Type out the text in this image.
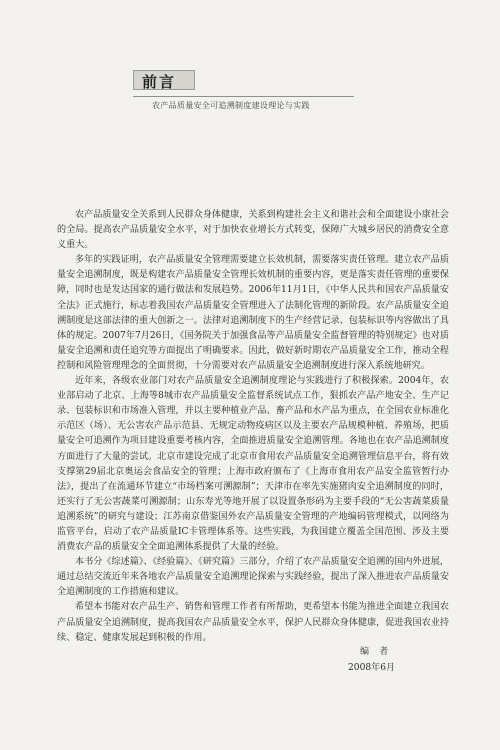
前言
农产品质量安全可追溯制度建设理论与实践

农产品质量安全关系到人民群众身体健康，关系到构建社会主义和谐社会和全面建设小康社会的全局。提高农产品质量安全水平，对于加快农业增长方式转变，保障广大城乡居民的消费安全意义重大。

多年的实践证明，农产品质量安全管理需要建立长效机制，需要落实责任管理。建立农产品质量安全追溯制度，既是构建农产品质量安全管理长效机制的重要内容，更是落实责任管理的重要保障，同时也是发达国家的通行做法和发展趋势。2006年11月1日，《中华人民共和国农产品质量安全法》正式施行，标志着我国农产品质量安全管理进入了法制化管理的新阶段。农产品质量安全追溯制度是这部法律的重大创新之一。法律对追溯制度下的生产经营记录、包装标识等内容做出了具体的规定。2007年7月26日，《国务院关于加强食品等产品质量安全监督管理的特别规定》也对质量安全追溯和责任追究等方面提出了明确要求。因此，做好新时期农产品质量安全工作，推动全程控制和风险管理理念的全面贯彻，十分需要对农产品质量安全追溯制度进行深入系统地研究。

近年来，各级农业部门对农产品质量安全追溯制度理论与实践进行了积极探索。2004年，农业部启动了北京、上海等8城市农产品质量安全监督系统试点工作，狠抓农产品产地安全、生产记录、包装标识和市场准入管理，并以主要种植业产品、畜产品和水产品为重点，在全国农业标准化示范区（场）、无公害农产品示范县、无规定动物疫病区以及主要农产品规模种植、养殖场，把质量安全可追溯作为项目建设重要考核内容，全面推进质量安全追溯管理。各地也在农产品追溯制度方面进行了大量的尝试。北京市建设完成了北京市食用农产品质量安全追溯管理信息平台，将有效支撑第29届北京奥运会食品安全的管理；上海市政府颁布了《上海市食用农产品安全监管暂行办法》，提出了在流通环节建立“市场档案可溯源制”；天津市在率先实施猪肉安全追溯制度的同时，还实行了无公害蔬菜可溯源制；山东寿光等地开展了以设置条形码为主要手段的“无公害蔬菜质量追溯系统”的研究与建设；江苏南京借鉴国外农产品质量安全管理的产地编码管理模式，以网络为监管平台，启动了农产品质量IC卡管理体系等。这些实践，为我国建立覆盖全国范围、涉及主要消费农产品的质量安全全面追溯体系提供了大量的经验。

本书分《综述篇》、《经验篇》、《研究篇》三部分，介绍了农产品质量安全追溯的国内外进展，通过总结交流近年来各地农产品质量安全追溯理论探索与实践经验，提出了深入推进农产品质量安全追溯制度的工作措施和建议。

希望本书能对农产品生产、销售和管理工作者有所帮助，更希望本书能为推进全面建立我国农产品质量安全追溯制度，提高我国农产品质量安全水平，保护人民群众身体健康，促进我国农业持续、稳定、健康发展起到积极的作用。

编者
2008年6月
